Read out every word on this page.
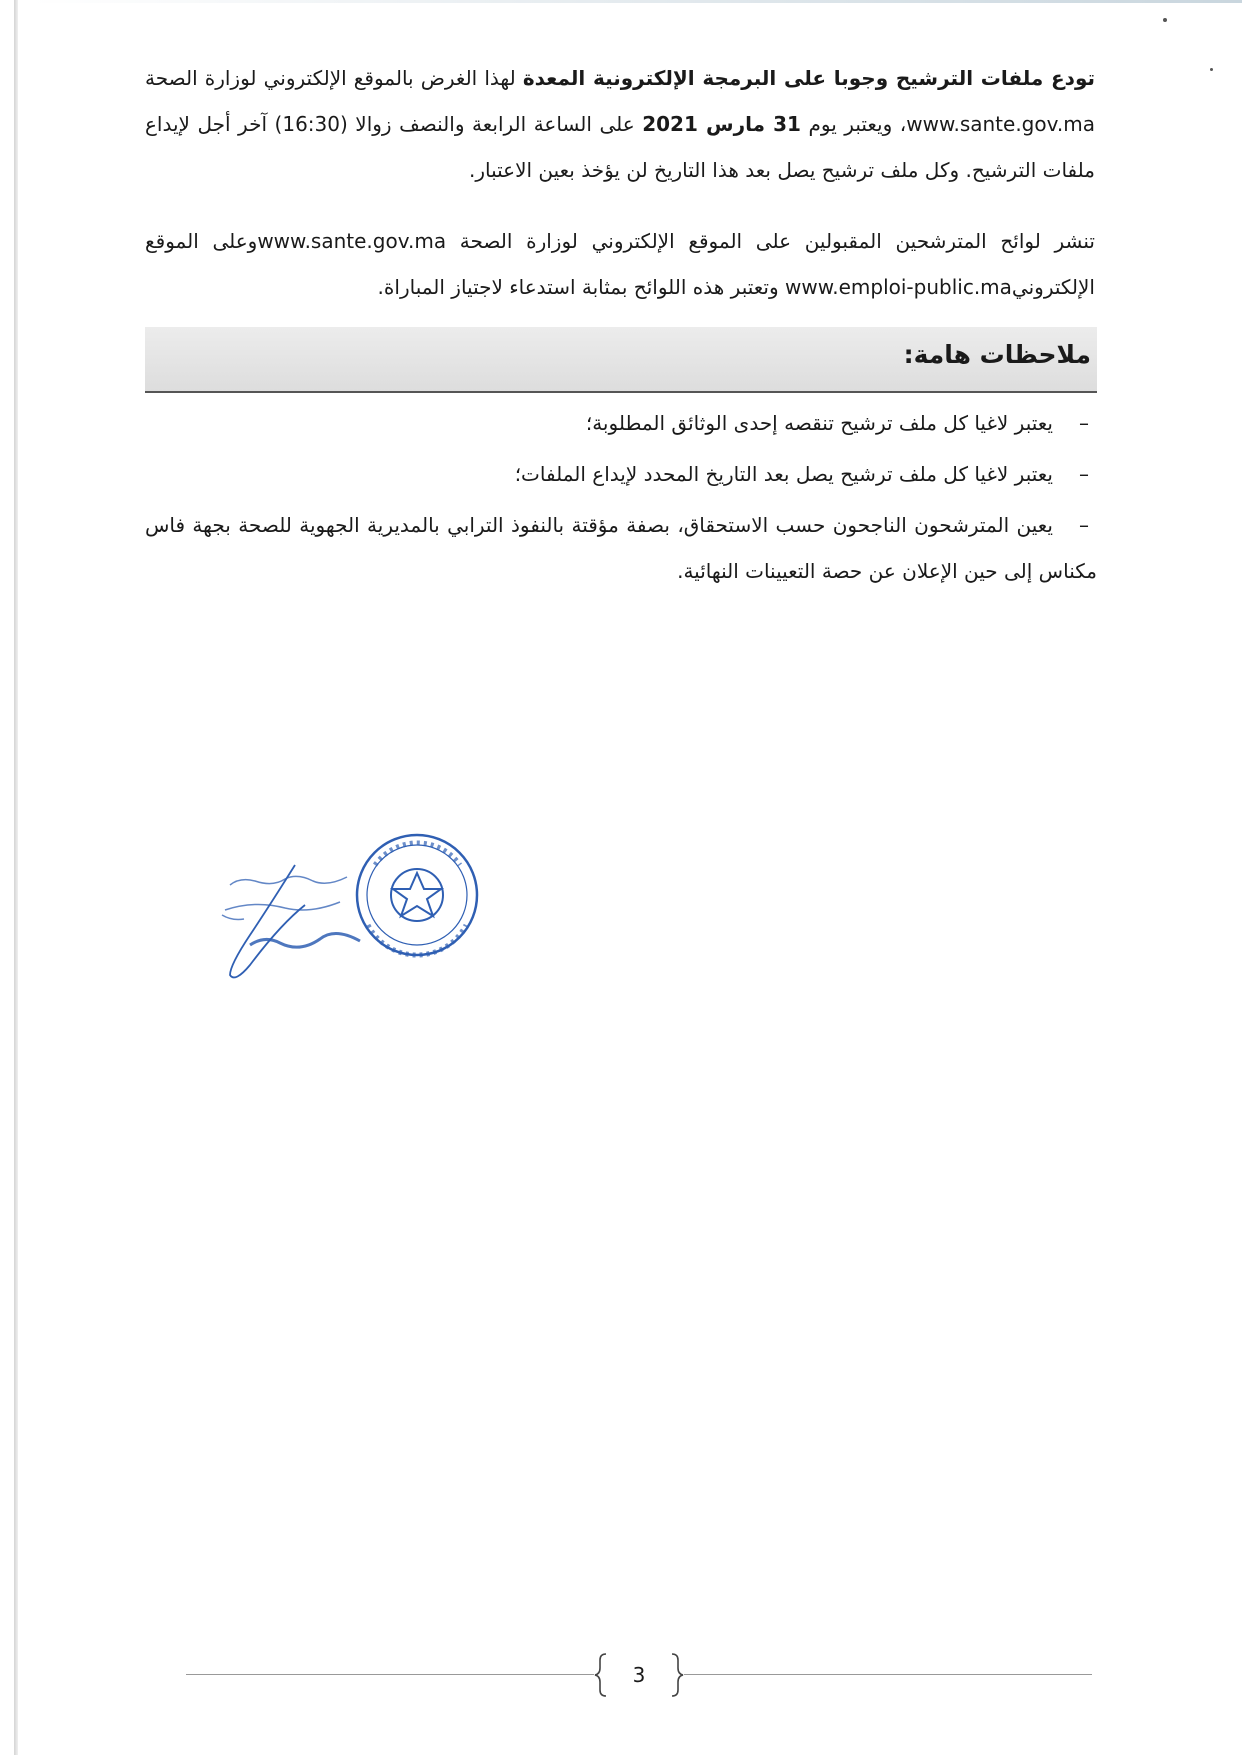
تودع ملفات الترشيح وجوبا على البرمجة الإلكترونية المعدة لهذا الغرض بالموقع الإلكتروني لوزارة الصحة www.sante.gov.ma، ويعتبر يوم 31 مارس 2021 على الساعة الرابعة والنصف زوالا (16:30) آخر أجل لإيداع ملفات الترشيح. وكل ملف ترشيح يصل بعد هذا التاريخ لن يؤخذ بعين الاعتبار.

تنشر لوائح المترشحين المقبولين على الموقع الإلكتروني لوزارة الصحة www.sante.gov.maوعلى الموقع الإلكترونيwww.emploi-public.ma وتعتبر هذه اللوائح بمثابة استدعاء لاجتياز المباراة.

ملاحظات هامة:

–يعتبر لاغيا كل ملف ترشيح تنقصه إحدى الوثائق المطلوبة؛

–يعتبر لاغيا كل ملف ترشيح يصل بعد التاريخ المحدد لإيداع الملفات؛

–يعين المترشحون الناجحون حسب الاستحقاق، بصفة مؤقتة بالنفوذ الترابي بالمديرية الجهوية للصحة بجهة فاس مكناس إلى حين الإعلان عن حصة التعيينات النهائية.

3
